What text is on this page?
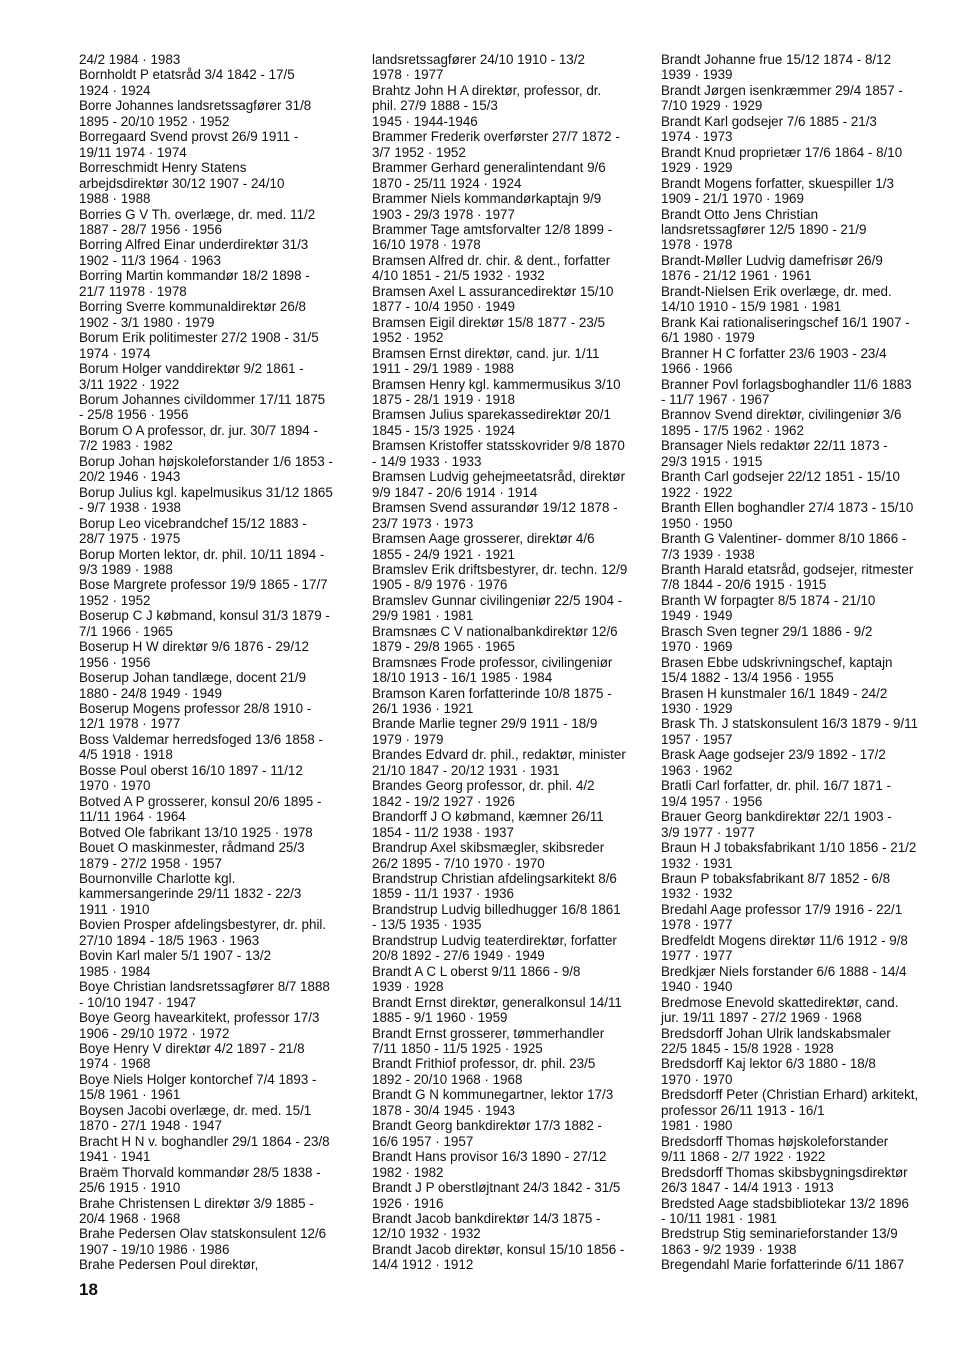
24/2 1984 · 1983
Bornholdt P etatsråd 3/4 1842 - 17/5
1924 · 1924
Borre Johannes landsretssagfører 31/8
1895 - 20/10 1952 · 1952
Borregaard Svend provst 26/9 1911 -
19/11 1974 · 1974
Borreschmidt Henry Statens
arbejdsdirektør 30/12 1907 - 24/10
1988 · 1988
Borries G V Th. overlæge, dr. med. 11/2
1887 - 28/7 1956 · 1956
Borring Alfred Einar underdirektør 31/3
1902 - 11/3 1964 · 1963
Borring Martin kommandør 18/2 1898 -
21/7 11978 · 1978
Borring Sverre kommunaldirektør 26/8
1902 - 3/1 1980 · 1979
Borum Erik politimester 27/2 1908 - 31/5
1974 · 1974
Borum Holger vanddirektør 9/2 1861 -
3/11 1922 · 1922
Borum Johannes civildommer 17/11 1875
- 25/8 1956 · 1956
Borum O A professor, dr. jur. 30/7 1894 -
7/2 1983 · 1982
Borup Johan højskoleforstander 1/6 1853 -
20/2 1946 · 1943
Borup Julius kgl. kapelmusikus 31/12 1865
- 9/7 1938 · 1938
Borup Leo vicebrandchef 15/12 1883 -
28/7 1975 · 1975
Borup Morten lektor, dr. phil. 10/11 1894 -
9/3 1989 · 1988
Bose Margrete professor 19/9 1865 - 17/7
1952 · 1952
Boserup C J købmand, konsul 31/3 1879 -
7/1 1966 · 1965
Boserup H W direktør 9/6 1876 - 29/12
1956 · 1956
Boserup Johan tandlæge, docent 21/9
1880 - 24/8 1949 · 1949
Boserup Mogens professor 28/8 1910 -
12/1 1978 · 1977
Boss Valdemar herredsfoged 13/6 1858 -
4/5 1918 · 1918
Bosse Poul oberst 16/10 1897 - 11/12
1970 · 1970
Botved A P grosserer, konsul 20/6 1895 -
11/11 1964 · 1964
Botved Ole fabrikant 13/10 1925 · 1978
Bouet O maskinmester, rådmand 25/3
1879 - 27/2 1958 · 1957
Bournonville Charlotte kgl.
kammersangerinde 29/11 1832 - 22/3
1911 · 1910
Bovien Prosper afdelingsbestyrer, dr. phil.
27/10 1894 - 18/5 1963 · 1963
Bovin Karl maler 5/1 1907 - 13/2
1985 · 1984
Boye Christian landsretssagfører 8/7 1888
- 10/10 1947 · 1947
Boye Georg havearkitekt, professor 17/3
1906 - 29/10 1972 · 1972
Boye Henry V direktør 4/2 1897 - 21/8
1974 · 1968
Boye Niels Holger kontorchef 7/4 1893 -
15/8 1961 · 1961
Boysen Jacobi overlæge, dr. med. 15/1
1870 - 27/1 1948 · 1947
Bracht H N v. boghandler 29/1 1864 - 23/8
1941 · 1941
Braëm Thorvald kommandør 28/5 1838 -
25/6 1915 · 1910
Brahe Christensen L direktør 3/9 1885 -
20/4 1968 · 1968
Brahe Pedersen Olav statskonsulent 12/6
1907 - 19/10 1986 · 1986
Brahe Pedersen Poul direktør,
landsretssagfører 24/10 1910 - 13/2
1978 · 1977
Brahtz John H A direktør, professor, dr.
phil. 27/9 1888 - 15/3
1945 · 1944-1946
Brammer Frederik overførster 27/7 1872 -
3/7 1952 · 1952
Brammer Gerhard generalintendant 9/6
1870 - 25/11 1924 · 1924
Brammer Niels kommandørkaptajn 9/9
1903 - 29/3 1978 · 1977
Brammer Tage amtsforvalter 12/8 1899 -
16/10 1978 · 1978
Bramsen Alfred dr. chir. & dent., forfatter
4/10 1851 - 21/5 1932 · 1932
Bramsen Axel L assurancedirektør 15/10
1877 - 10/4 1950 · 1949
Bramsen Eigil direktør 15/8 1877 - 23/5
1952 · 1952
Bramsen Ernst direktør, cand. jur. 1/11
1911 - 29/1 1989 · 1988
Bramsen Henry kgl. kammermusikus 3/10
1875 - 28/1 1919 · 1918
Bramsen Julius sparekassedirektør 20/1
1845 - 15/3 1925 · 1924
Bramsen Kristoffer statsskovrider 9/8 1870
- 14/9 1933 · 1933
Bramsen Ludvig gehejmeetatsråd, direktør
9/9 1847 - 20/6 1914 · 1914
Bramsen Svend assurandør 19/12 1878 -
23/7 1973 · 1973
Bramsen Aage grosserer, direktør 4/6
1855 - 24/9 1921 · 1921
Bramslev Erik driftsbestyrer, dr. techn. 12/9
1905 - 8/9 1976 · 1976
Bramslev Gunnar civilingeniør 22/5 1904 -
29/9 1981 · 1981
Bramsnæs C V nationalbankdirektør 12/6
1879 - 29/8 1965 · 1965
Bramsnæs Frode professor, civilingeniør
18/10 1913 - 16/1 1985 · 1984
Bramson Karen forfatterinde 10/8 1875 -
26/1 1936 · 1921
Brande Marlie tegner 29/9 1911 - 18/9
1979 · 1979
Brandes Edvard dr. phil., redaktør, minister
21/10 1847 - 20/12 1931 · 1931
Brandes Georg professor, dr. phil. 4/2
1842 - 19/2 1927 · 1926
Brandorff J O købmand, kæmner 26/11
1854 - 11/2 1938 · 1937
Brandrup Axel skibsmægler, skibsreder
26/2 1895 - 7/10 1970 · 1970
Brandstrup Christian afdelingsarkitekt 8/6
1859 - 11/1 1937 · 1936
Brandstrup Ludvig billedhugger 16/8 1861
- 13/5 1935 · 1935
Brandstrup Ludvig teaterdirektør, forfatter
20/8 1892 - 27/6 1949 · 1949
Brandt A C L oberst 9/11 1866 - 9/8
1939 · 1928
Brandt Ernst direktør, generalkonsul 14/11
1885 - 9/1 1960 · 1959
Brandt Ernst grosserer, tømmerhandler
7/11 1850 - 11/5 1925 · 1925
Brandt Frithiof professor, dr. phil. 23/5
1892 - 20/10 1968 · 1968
Brandt G N kommunegartner, lektor 17/3
1878 - 30/4 1945 · 1943
Brandt Georg bankdirektør 17/3 1882 -
16/6 1957 · 1957
Brandt Hans provisor 16/3 1890 - 27/12
1982 · 1982
Brandt J P oberstløjtnant 24/3 1842 - 31/5
1926 · 1916
Brandt Jacob bankdirektør 14/3 1875 -
12/10 1932 · 1932
Brandt Jacob direktør, konsul 15/10 1856 -
14/4 1912 · 1912
Brandt Johanne frue 15/12 1874 - 8/12
1939 · 1939
Brandt Jørgen isenkræmmer 29/4 1857 -
7/10 1929 · 1929
Brandt Karl godsejer 7/6 1885 - 21/3
1974 · 1973
Brandt Knud proprietær 17/6 1864 - 8/10
1929 · 1929
Brandt Mogens forfatter, skuespiller 1/3
1909 - 21/1 1970 · 1969
Brandt Otto Jens Christian
landsretssagfører 12/5 1890 - 21/9
1978 · 1978
Brandt-Møller Ludvig damefrisør 26/9
1876 - 21/12 1961 · 1961
Brandt-Nielsen Erik overlæge, dr. med.
14/10 1910 - 15/9 1981 · 1981
Brank Kai rationaliseringschef 16/1 1907 -
6/1 1980 · 1979
Branner H C forfatter 23/6 1903 - 23/4
1966 · 1966
Branner Povl forlagsboghandler 11/6 1883
- 11/7 1967 · 1967
Brannov Svend direktør, civilingeniør 3/6
1895 - 17/5 1962 · 1962
Bransager Niels redaktør 22/11 1873 -
29/3 1915 · 1915
Branth Carl godsejer 22/12 1851 - 15/10
1922 · 1922
Branth Ellen boghandler 27/4 1873 - 15/10
1950 · 1950
Branth G Valentiner- dommer 8/10 1866 -
7/3 1939 · 1938
Branth Harald etatsråd, godsejer, ritmester
7/8 1844 - 20/6 1915 · 1915
Branth W forpagter 8/5 1874 - 21/10
1949 · 1949
Brasch Sven tegner 29/1 1886 - 9/2
1970 · 1969
Brasen Ebbe udskrivningschef, kaptajn
15/4 1882 - 13/4 1956 · 1955
Brasen H kunstmaler 16/1 1849 - 24/2
1930 · 1929
Brask Th. J statskonsulent 16/3 1879 - 9/11
1957 · 1957
Brask Aage godsejer 23/9 1892 - 17/2
1963 · 1962
Bratli Carl forfatter, dr. phil. 16/7 1871 -
19/4 1957 · 1956
Brauer Georg bankdirektør 22/1 1903 -
3/9 1977 · 1977
Braun H J tobaksfabrikant 1/10 1856 - 21/2
1932 · 1931
Braun P tobaksfabrikant 8/7 1852 - 6/8
1932 · 1932
Bredahl Aage professor 17/9 1916 - 22/1
1978 · 1977
Bredfeldt Mogens direktør 11/6 1912 - 9/8
1977 · 1977
Bredkjær Niels forstander 6/6 1888 - 14/4
1940 · 1940
Bredmose Enevold skattedirektør, cand.
jur. 19/11 1897 - 27/2 1969 · 1968
Bredsdorff Johan Ulrik landskabsmaler
22/5 1845 - 15/8 1928 · 1928
Bredsdorff Kaj lektor 6/3 1880 - 18/8
1970 · 1970
Bredsdorff Peter (Christian Erhard) arkitekt,
professor 26/11 1913 - 16/1
1981 · 1980
Bredsdorff Thomas højskoleforstander
9/11 1868 - 2/7 1922 · 1922
Bredsdorff Thomas skibsbygningsdirektør
26/3 1847 - 14/4 1913 · 1913
Bredsted Aage stadsbibliotekar 13/2 1896
- 10/11 1981 · 1981
Bredstrup Stig seminarieforstander 13/9
1863 - 9/2 1939 · 1938
Bregendahl Marie forfatterinde 6/11 1867
18
